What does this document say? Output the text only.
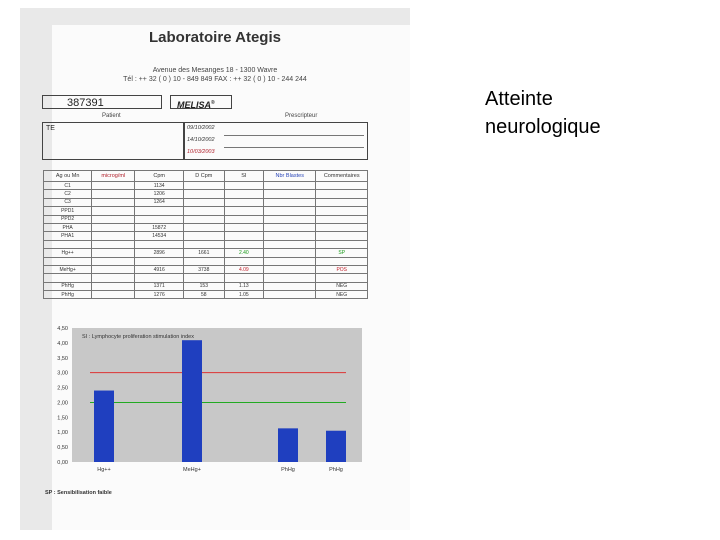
Laboratoire Ategis
Avenue des Mesanges 18 - 1300 Wavre
Tél : ++ 32 ( 0 ) 10 - 849 849 FAX : ++ 32 ( 0 ) 10 - 244 244
387391	MELISA®
Patient	Prescripteur
TE	09/10/2002
14/10/2002
10/03/2003
Ag ou Mn	microg/ml	Cpm	D Cpm	SI	Nbr Blastes	Commentaires
C1		1134				
C2		1206				
C3		1264				
PPD1						
PPD2						
PHA		15872				
PHA1		14534				

Hg++		2896	1661	2.40		SP

MeHg+		4916	3738	4.09		POS

PhHg		1371	153	1.13		NEG
PhHg		1276	58	1.05		NEG
SI : Lymphocyte proliferation stimulation index
0,00
0,50
1,00
1,50
2,00
2,50
3,00
3,50
4,00
4,50
Hg++	MeHg+	PhHg	PhHg
SP : Sensibilisation faible
Atteinte
neurologique
